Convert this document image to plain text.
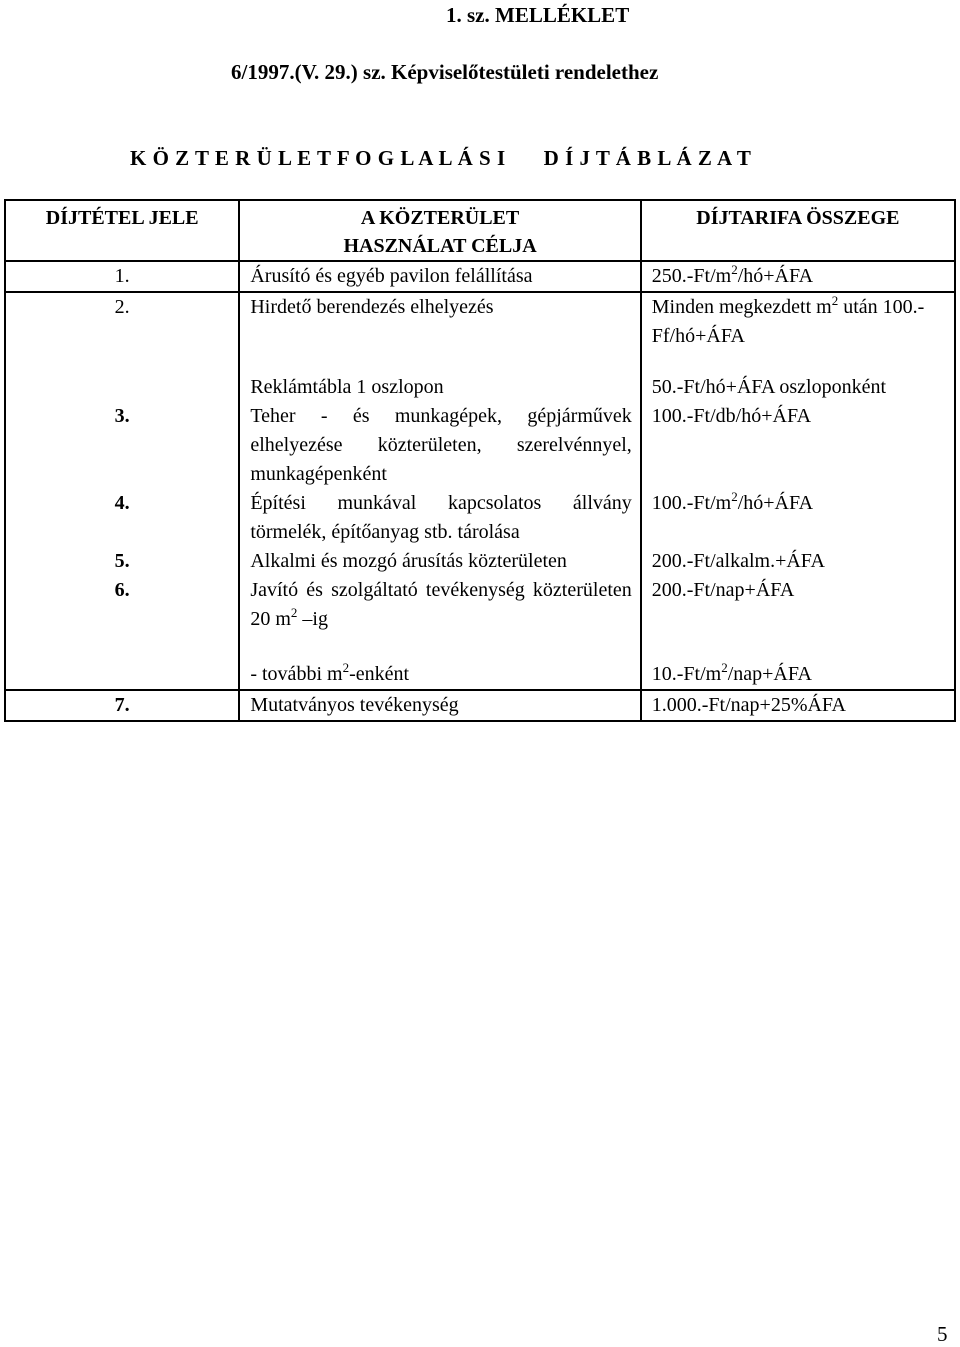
1. sz. MELLÉKLET
6/1997.(V. 29.) sz. Képviselőtestületi rendelethez
K Ö Z T E R Ü L E T F O G L A L Á S I D Í J T Á B L Á Z A T
DÍJTÉTEL JELE	A KÖZTERÜLET HASZNÁLAT CÉLJA	DÍJTARIFA ÖSSZEGE
1.	Árusító és egyéb pavilon felállítása	$250.-Ft/m^2/hó+ÁFA$
2.	Hirdető berendezés elhelyezés	Minden megkezdett $m^2$ után 100.-Ff/hó+ÁFA
	Reklámtábla 1 oszlopon	50.-Ft/hó+ÁFA oszloponként
3.	Teher - és munkagépek, gépjárművek elhelyezése közterületen, szerelvénnyel, munkagépenként	100.-Ft/db/hó+ÁFA
4.	Építési munkával kapcsolatos állvány törmelék, építőanyag stb. tárolása	$100.-Ft/m^2/hó+ÁFA$
5.	Alkalmi és mozgó árusítás közterületen	200.-Ft/alkalm.+ÁFA
6.	Javító és szolgáltató tevékenység közterületen 20 $m^2$ –ig	200.-Ft/nap+ÁFA
	- további $m^2$-enként	$10.-Ft/m^2/nap+ÁFA$
7.	Mutatványos tevékenység	1.000.-Ft/nap+25%ÁFA
5
